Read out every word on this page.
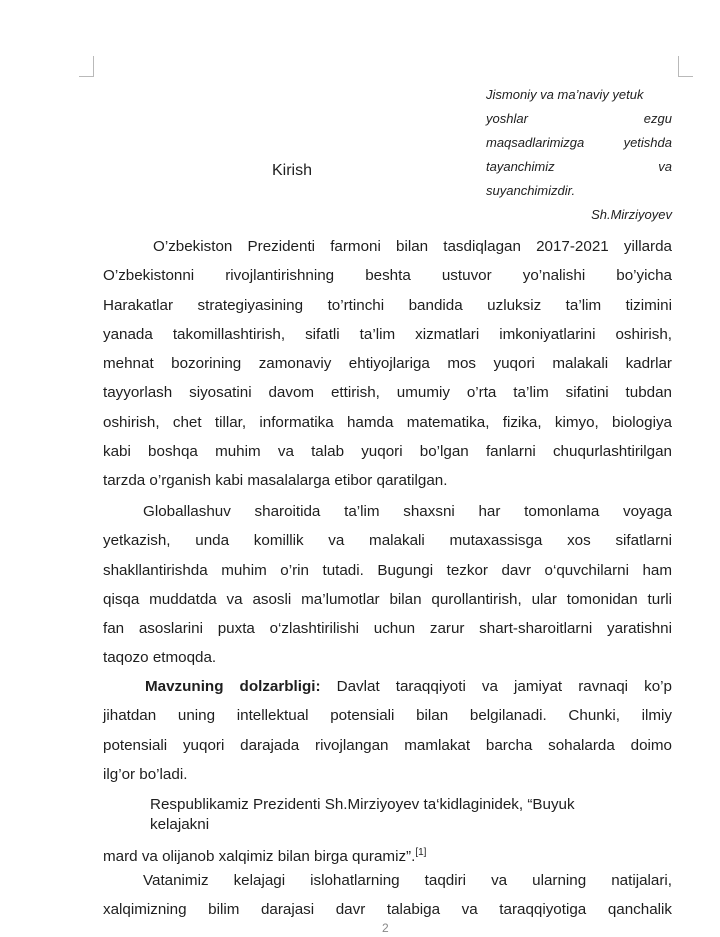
Jismoniy va ma’naviy yetuk
yoshlar ezgu
maqsadlarimizga yetishda
tayanchimiz va
suyanchimizdir.
Sh.Mirziyoyev
Kirish
O’zbekiston Prezidenti farmoni bilan tasdiqlagan 2017-2021 yillarda
O’zbekistonni rivojlantirishning beshta ustuvor yo’nalishi bo’yicha
Harakatlar strategiyasining to’rtinchi bandida uzluksiz ta’lim tizimini
yanada takomillashtirish, sifatli ta’lim xizmatlari imkoniyatlarini oshirish,
mehnat bozorining zamonaviy ehtiyojlariga mos yuqori malakali kadrlar
tayyorlash siyosatini davom ettirish, umumiy o’rta ta’lim sifatini tubdan
oshirish, chet tillar, informatika hamda matematika, fizika, kimyo, biologiya
kabi boshqa muhim va talab yuqori bo’lgan fanlarni chuqurlashtirilgan
tarzda o’rganish kabi masalalarga etibor qaratilgan.
Globallashuv sharoitida ta’lim shaxsni har tomonlama voyaga
yetkazish, unda komillik va malakali mutaxassisga xos sifatlarni
shakllantirishda muhim o’rin tutadi. Bugungi tezkor davr o‘quvchilarni ham
qisqa muddatda va asosli ma’lumotlar bilan qurollantirish, ular tomonidan turli
fan asoslarini puxta o‘zlashtirilishi uchun zarur shart-sharoitlarni yaratishni
taqozo etmoqda.
Mavzuning dolzarbligi: Davlat taraqqiyoti va jamiyat ravnaqi ko’p
jihatdan uning intellektual potensiali bilan belgilanadi. Chunki, ilmiy
potensiali yuqori darajada rivojlangan mamlakat barcha sohalarda doimo
ilg’or bo’ladi.
Respublikamiz Prezidenti Sh.Mirziyoyev ta‘kidlaginidek, “Buyuk
kelajakni
mard va olijanob xalqimiz bilan birga quramiz”.[1]
Vatanimiz kelajagi islohatlarning taqdiri va ularning natijalari,
xalqimizning bilim darajasi davr talabiga va taraqqiyotiga qanchalik
2
